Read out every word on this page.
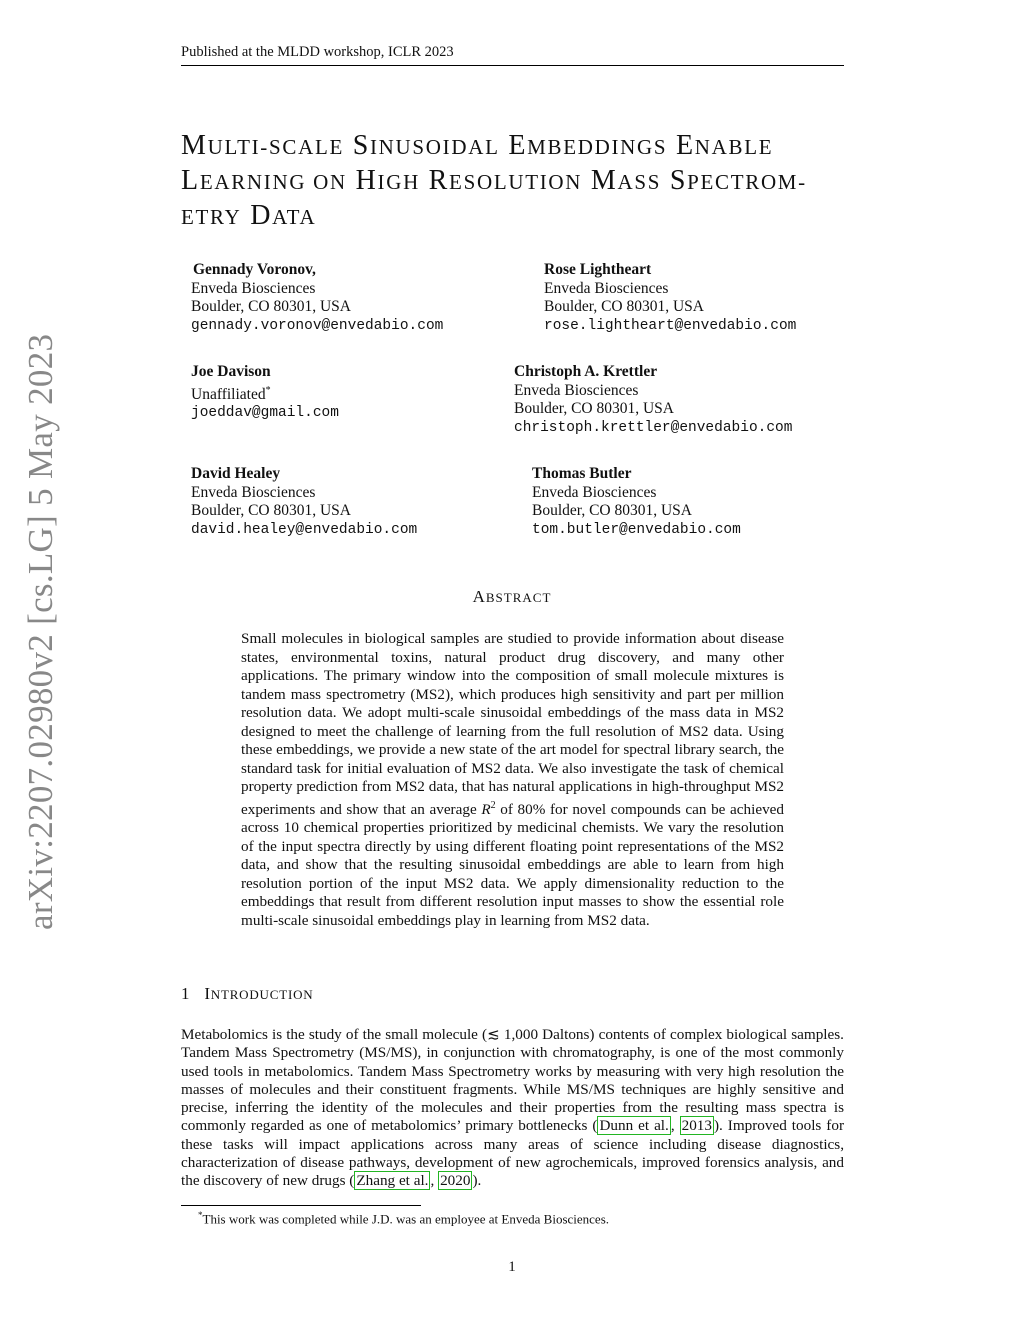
Published at the MLDD workshop, ICLR 2023
MULTI-SCALE SINUSOIDAL EMBEDDINGS ENABLE
LEARNING ON HIGH RESOLUTION MASS SPECTROM-
ETRY DATA
Gennady Voronov,
Enveda Biosciences
Boulder, CO 80301, USA
gennady.voronov@envedabio.com
Rose Lightheart
Enveda Biosciences
Boulder, CO 80301, USA
rose.lightheart@envedabio.com
Joe Davison
Unaffiliated*
joeddav@gmail.com
Christoph A. Krettler
Enveda Biosciences
Boulder, CO 80301, USA
christoph.krettler@envedabio.com
David Healey
Enveda Biosciences
Boulder, CO 80301, USA
david.healey@envedabio.com
Thomas Butler
Enveda Biosciences
Boulder, CO 80301, USA
tom.butler@envedabio.com
arXiv:2207.02980v2 [cs.LG] 5 May 2023	ABSTRACT
Small molecules in biological samples are studied to provide information about disease states, environmental toxins, natural product drug discovery, and many other applications. The primary window into the composition of small molecule mixtures is tandem mass spectrometry (MS2), which produces high sensitivity and part per million resolution data. We adopt multi-scale sinusoidal embeddings of the mass data in MS2 designed to meet the challenge of learning from the full resolution of MS2 data. Using these embeddings, we provide a new state of the art model for spectral library search, the standard task for initial evaluation of MS2 data. We also investigate the task of chemical property prediction from MS2 data, that has natural applications in high-throughput MS2 experiments and show that an average $R^2$ of 80% for novel compounds can be achieved across 10 chemical properties prioritized by medicinal chemists. We vary the resolution of the input spectra directly by using different floating point representations of the MS2 data, and show that the resulting sinusoidal embeddings are able to learn from high resolution portion of the input MS2 data. We apply dimensionality reduction to the embeddings that result from different resolution input masses to show the essential role multi-scale sinusoidal embeddings play in learning from MS2 data.
1 INTRODUCTION
Metabolomics is the study of the small molecule (≲ 1,000 Daltons) contents of complex biological samples. Tandem Mass Spectrometry (MS/MS), in conjunction with chromatography, is one of the most commonly used tools in metabolomics. Tandem Mass Spectrometry works by measuring with very high resolution the masses of molecules and their constituent fragments. While MS/MS techniques are highly sensitive and precise, inferring the identity of the molecules and their properties from the resulting mass spectra is commonly regarded as one of metabolomics’ primary bottlenecks ( Dunn et al. , 2013 ). Improved tools for these tasks will impact applications across many areas of science including disease diagnostics, characterization of disease pathways, development of new agrochemicals, improved forensics analysis, and the discovery of new drugs ( Zhang et al. , 2020 ).
*This work was completed while J.D. was an employee at Enveda Biosciences.
1
